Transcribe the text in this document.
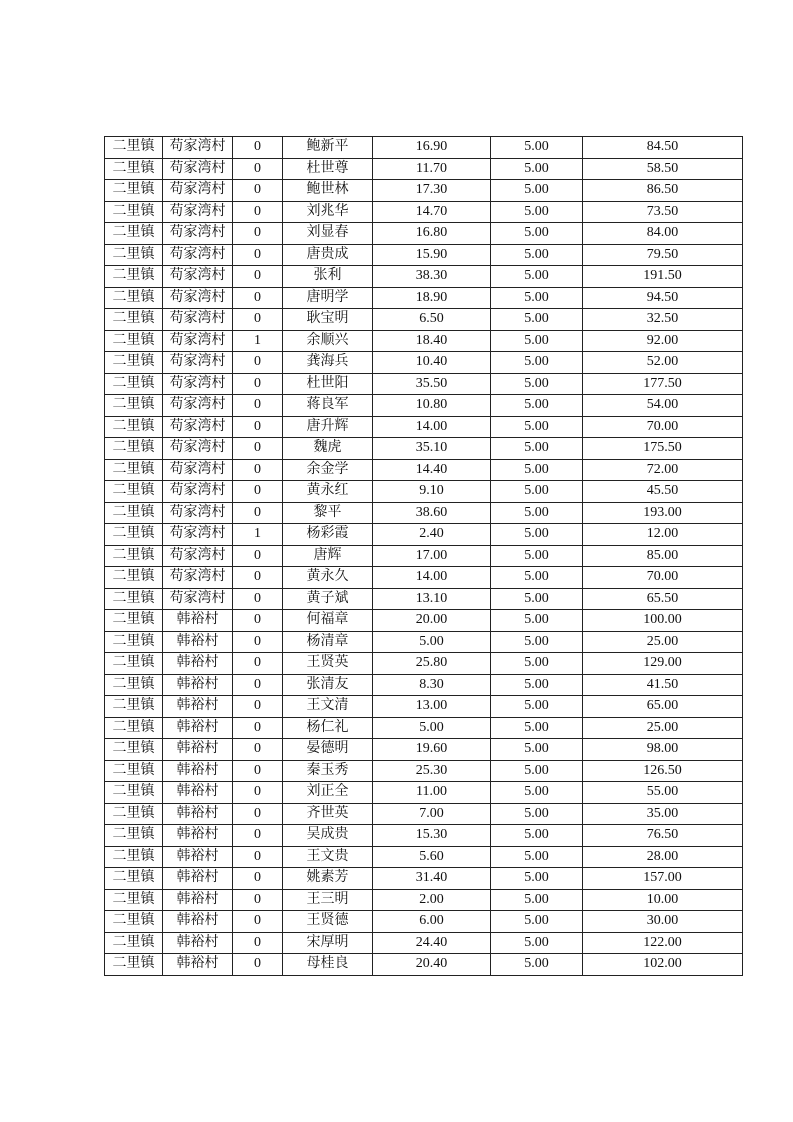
二里镇	苟家湾村	0	鲍新平	16.90	5.00	84.50
二里镇	苟家湾村	0	杜世尊	11.70	5.00	58.50
二里镇	苟家湾村	0	鲍世林	17.30	5.00	86.50
二里镇	苟家湾村	0	刘兆华	14.70	5.00	73.50
二里镇	苟家湾村	0	刘显春	16.80	5.00	84.00
二里镇	苟家湾村	0	唐贵成	15.90	5.00	79.50
二里镇	苟家湾村	0	张利	38.30	5.00	191.50
二里镇	苟家湾村	0	唐明学	18.90	5.00	94.50
二里镇	苟家湾村	0	耿宝明	6.50	5.00	32.50
二里镇	苟家湾村	1	余顺兴	18.40	5.00	92.00
二里镇	苟家湾村	0	龚海兵	10.40	5.00	52.00
二里镇	苟家湾村	0	杜世阳	35.50	5.00	177.50
二里镇	苟家湾村	0	蒋良军	10.80	5.00	54.00
二里镇	苟家湾村	0	唐升辉	14.00	5.00	70.00
二里镇	苟家湾村	0	魏虎	35.10	5.00	175.50
二里镇	苟家湾村	0	余金学	14.40	5.00	72.00
二里镇	苟家湾村	0	黄永红	9.10	5.00	45.50
二里镇	苟家湾村	0	黎平	38.60	5.00	193.00
二里镇	苟家湾村	1	杨彩霞	2.40	5.00	12.00
二里镇	苟家湾村	0	唐辉	17.00	5.00	85.00
二里镇	苟家湾村	0	黄永久	14.00	5.00	70.00
二里镇	苟家湾村	0	黄子斌	13.10	5.00	65.50
二里镇	韩裕村	0	何福章	20.00	5.00	100.00
二里镇	韩裕村	0	杨清章	5.00	5.00	25.00
二里镇	韩裕村	0	王贤英	25.80	5.00	129.00
二里镇	韩裕村	0	张清友	8.30	5.00	41.50
二里镇	韩裕村	0	王文清	13.00	5.00	65.00
二里镇	韩裕村	0	杨仁礼	5.00	5.00	25.00
二里镇	韩裕村	0	晏德明	19.60	5.00	98.00
二里镇	韩裕村	0	秦玉秀	25.30	5.00	126.50
二里镇	韩裕村	0	刘正全	11.00	5.00	55.00
二里镇	韩裕村	0	齐世英	7.00	5.00	35.00
二里镇	韩裕村	0	吴成贵	15.30	5.00	76.50
二里镇	韩裕村	0	王文贵	5.60	5.00	28.00
二里镇	韩裕村	0	姚素芳	31.40	5.00	157.00
二里镇	韩裕村	0	王三明	2.00	5.00	10.00
二里镇	韩裕村	0	王贤德	6.00	5.00	30.00
二里镇	韩裕村	0	宋厚明	24.40	5.00	122.00
二里镇	韩裕村	0	母桂良	20.40	5.00	102.00
